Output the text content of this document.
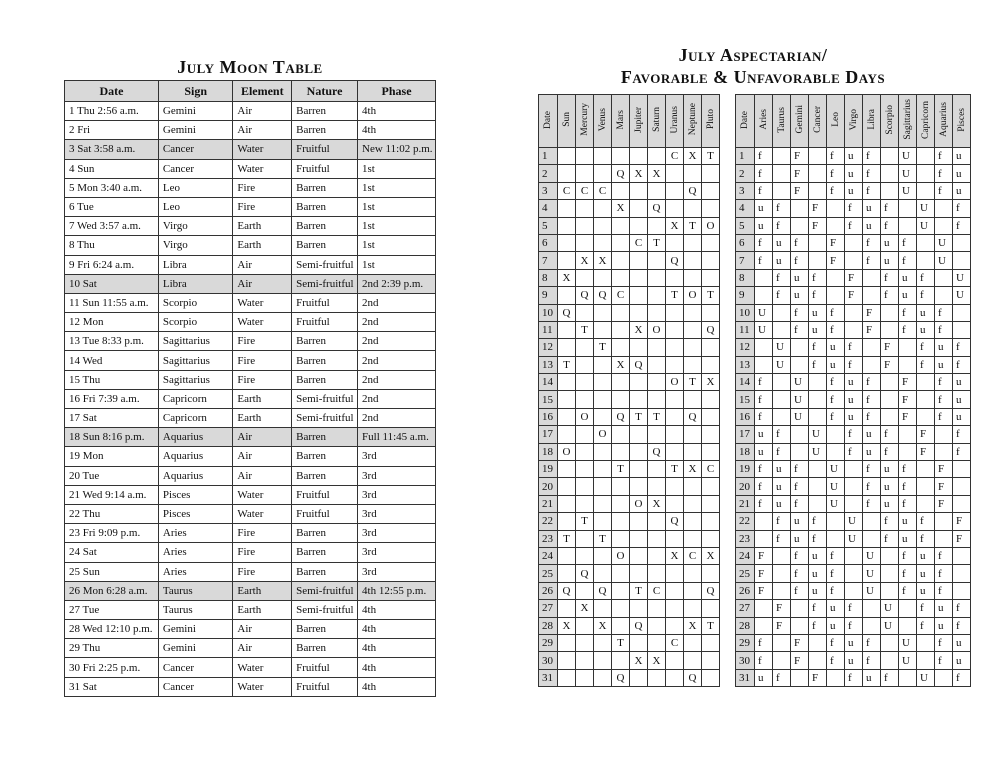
July Moon Table
July Aspectarian/
Favorable & Unfavorable Days
Date	Sign	Element	Nature	Phase
1 Thu 2:56 a.m.	Gemini	Air	Barren	4th
2 Fri	Gemini	Air	Barren	4th
3 Sat 3:58 a.m.	Cancer	Water	Fruitful	New 11:02 p.m.
4 Sun	Cancer	Water	Fruitful	1st
5 Mon 3:40 a.m.	Leo	Fire	Barren	1st
6 Tue	Leo	Fire	Barren	1st
7 Wed 3:57 a.m.	Virgo	Earth	Barren	1st
8 Thu	Virgo	Earth	Barren	1st
9 Fri 6:24 a.m.	Libra	Air	Semi-fruitful	1st
10 Sat	Libra	Air	Semi-fruitful	2nd 2:39 p.m.
11 Sun 11:55 a.m.	Scorpio	Water	Fruitful	2nd
12 Mon	Scorpio	Water	Fruitful	2nd
13 Tue 8:33 p.m.	Sagittarius	Fire	Barren	2nd
14 Wed	Sagittarius	Fire	Barren	2nd
15 Thu	Sagittarius	Fire	Barren	2nd
16 Fri 7:39 a.m.	Capricorn	Earth	Semi-fruitful	2nd
17 Sat	Capricorn	Earth	Semi-fruitful	2nd
18 Sun 8:16 p.m.	Aquarius	Air	Barren	Full 11:45 a.m.
19 Mon	Aquarius	Air	Barren	3rd
20 Tue	Aquarius	Air	Barren	3rd
21 Wed 9:14 a.m.	Pisces	Water	Fruitful	3rd
22 Thu	Pisces	Water	Fruitful	3rd
23 Fri 9:09 p.m.	Aries	Fire	Barren	3rd
24 Sat	Aries	Fire	Barren	3rd
25 Sun	Aries	Fire	Barren	3rd
26 Mon 6:28 a.m.	Taurus	Earth	Semi-fruitful	4th 12:55 p.m.
27 Tue	Taurus	Earth	Semi-fruitful	4th
28 Wed 12:10 p.m.	Gemini	Air	Barren	4th
29 Thu	Gemini	Air	Barren	4th
30 Fri 2:25 p.m.	Cancer	Water	Fruitful	4th
31 Sat	Cancer	Water	Fruitful	4th
Date	Sun	Mercury	Venus	Mars	Jupiter	Saturn	Uranus	Neptune	Pluto
1							C	X	T
2				Q	X	X			
3	C	C	C					Q	
4				X		Q			
5							X	T	O
6					C	T			
7		X	X				Q		
8	X								
9		Q	Q	C			T	O	T
10	Q								
11		T			X	O			Q
12			T						
13	T			X	Q				
14							O	T	X
15									
16		O		Q	T	T		Q	
17			O						
18	O					Q			
19				T			T	X	C
20									
21					O	X			
22		T					Q		
23	T		T						
24				O			X	C	X
25		Q							
26	Q		Q		T	C			Q
27		X							
28	X		X		Q			X	T
29				T			C		
30					X	X			
31				Q				Q	
Date	Aries	Taurus	Gemini	Cancer	Leo	Virgo	Libra	Scorpio	Sagittarius	Capricorn	Aquarius	Pisces
1	f		F		f	u	f		U		f	u
2	f		F		f	u	f		U		f	u
3	f		F		f	u	f		U		f	u
4	u	f		F		f	u	f		U		f
5	u	f		F		f	u	f		U		f
6	f	u	f		F		f	u	f		U	
7	f	u	f		F		f	u	f		U	
8		f	u	f		F		f	u	f		U
9		f	u	f		F		f	u	f		U
10	U		f	u	f		F		f	u	f	
11	U		f	u	f		F		f	u	f	
12		U		f	u	f		F		f	u	f
13		U		f	u	f		F		f	u	f
14	f		U		f	u	f		F		f	u
15	f		U		f	u	f		F		f	u
16	f		U		f	u	f		F		f	u
17	u	f		U		f	u	f		F		f
18	u	f		U		f	u	f		F		f
19	f	u	f		U		f	u	f		F	
20	f	u	f		U		f	u	f		F	
21	f	u	f		U		f	u	f		F	
22		f	u	f		U		f	u	f		F
23		f	u	f		U		f	u	f		F
24	F		f	u	f		U		f	u	f	
25	F		f	u	f		U		f	u	f	
26	F		f	u	f		U		f	u	f	
27		F		f	u	f		U		f	u	f
28		F		f	u	f		U		f	u	f
29	f		F		f	u	f		U		f	u
30	f		F		f	u	f		U		f	u
31	u	f		F		f	u	f		U		f
